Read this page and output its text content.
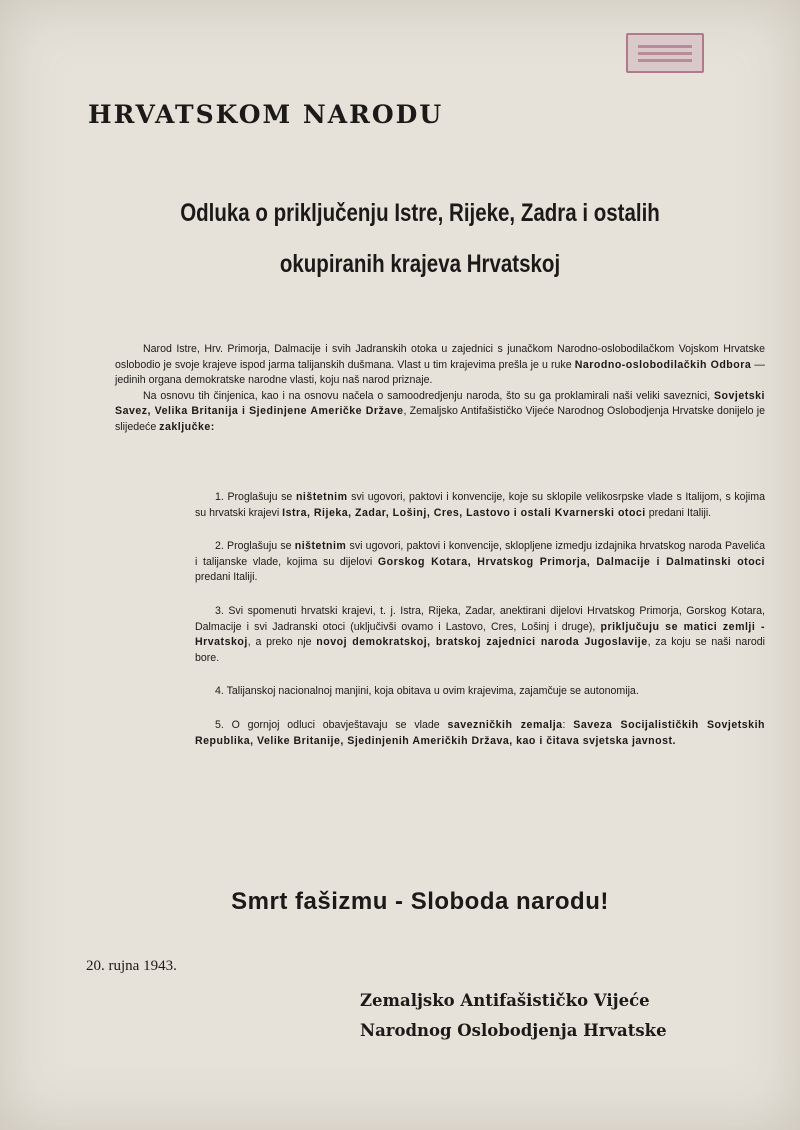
HRVATSKOM NARODU
Odluka o priključenju Istre, Rijeke, Zadra i ostalih
okupiranih krajeva Hrvatskoj

Narod Istre, Hrv. Primorja, Dalmacije i svih Jadranskih otoka u zajednici s junačkom Narodno-oslobodilačkom Vojskom Hrvatske oslobodio je svoje krajeve ispod jarma talijanskih dušmana. Vlast u tim krajevima prešla je u ruke Narodno-oslobodilačkih Odbora — jedinih organa demokratske narodne vlasti, koju naš narod priznaje.

Na osnovu tih činjenica, kao i na osnovu načela o samoodredjenju naroda, što su ga proklamirali naši veliki saveznici, Sovjetski Savez, Velika Britanija i Sjedinjene Američke Države, Zemaljsko Antifašističko Vijeće Narodnog Oslobodjenja Hrvatske donijelo je slijedeće zaključke:

1. Proglašuju se ništetnim svi ugovori, paktovi i konvencije, koje su sklopile velikosrpske vlade s Italijom, s kojima su hrvatski krajevi Istra, Rijeka, Zadar, Lošinj, Cres, Lastovo i ostali Kvarnerski otoci predani Italiji.

2. Proglašuju se ništetnim svi ugovori, paktovi i konvencije, sklopljene izmedju izdajnika hrvatskog naroda Pavelića i talijanske vlade, kojima su dijelovi Gorskog Kotara, Hrvatskog Primorja, Dalmacije i Dalmatinski otoci predani Italiji.

3. Svi spomenuti hrvatski krajevi, t. j. Istra, Rijeka, Zadar, anektirani dijelovi Hrvatskog Primorja, Gorskog Kotara, Dalmacije i svi Jadranski otoci (uključivši ovamo i Lastovo, Cres, Lošinj i druge), priključuju se matici zemlji - Hrvatskoj, a preko nje novoj demokratskoj, bratskoj zajednici naroda Jugoslavije, za koju se naši narodi bore.

4. Talijanskoj nacionalnoj manjini, koja obitava u ovim krajevima, zajamčuje se autonomija.

5. O gornjoj odluci obavještavaju se vlade savezničkih zemalja: Saveza Socijalističkih Sovjetskih Republika, Velike Britanije, Sjedinjenih Američkih Država, kao i čitava svjetska javnost.

Smrt fašizmu - Sloboda narodu!

20. rujna 1943.

Zemaljsko Antifašističko Vijeće
Narodnog Oslobodjenja Hrvatske
